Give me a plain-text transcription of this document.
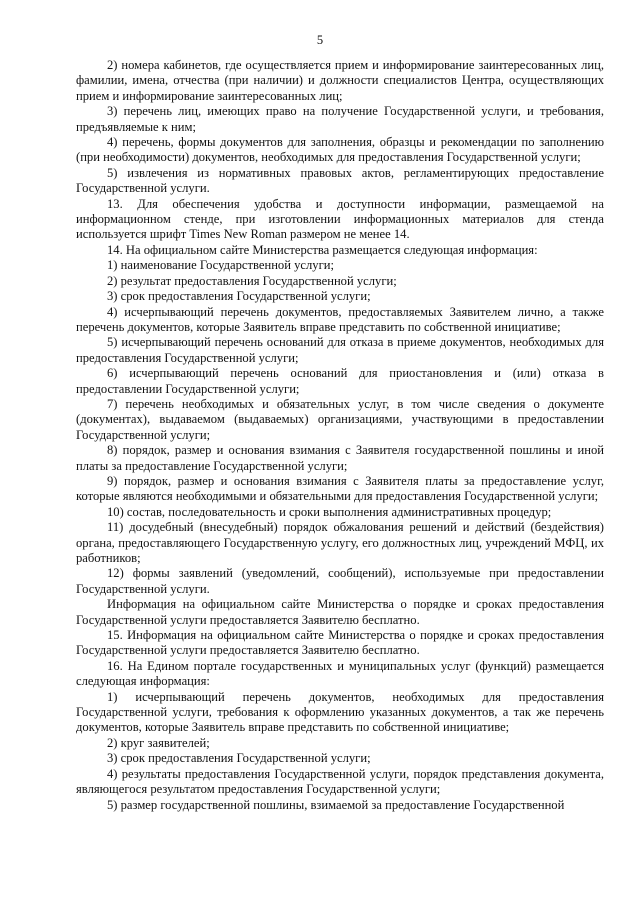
5

2) номера кабинетов, где осуществляется прием и информирование заинтересованных лиц, фамилии, имена, отчества (при наличии) и должности специалистов Центра, осуществляющих прием и информирование заинтересованных лиц;

3) перечень лиц, имеющих право на получение Государственной услуги, и требования, предъявляемые к ним;

4) перечень, формы документов для заполнения, образцы и рекомендации по заполнению (при необходимости) документов, необходимых для предоставления Государственной услуги;

5) извлечения из нормативных правовых актов, регламентирующих предоставление Государственной услуги.

13. Для обеспечения удобства и доступности информации, размещаемой на информационном стенде, при изготовлении информационных материалов для стенда используется шрифт Times New Roman размером не менее 14.

14. На официальном сайте Министерства размещается следующая информация:

1) наименование Государственной услуги;

2) результат предоставления Государственной услуги;

3) срок предоставления Государственной услуги;

4) исчерпывающий перечень документов, предоставляемых Заявителем лично, а также перечень документов, которые Заявитель вправе представить по собственной инициативе;

5) исчерпывающий перечень оснований для отказа в приеме документов, необходимых для предоставления Государственной услуги;

6) исчерпывающий перечень оснований для приостановления и (или) отказа в предоставлении Государственной услуги;

7) перечень необходимых и обязательных услуг, в том числе сведения о документе (документах), выдаваемом (выдаваемых) организациями, участвующими в предоставлении Государственной услуги;

8) порядок, размер и основания взимания с Заявителя государственной пошлины и иной платы за предоставление Государственной услуги;

9) порядок, размер и основания взимания с Заявителя платы за предоставление услуг, которые являются необходимыми и обязательными для предоставления Государственной услуги;

10) состав, последовательность и сроки выполнения административных процедур;

11) досудебный (внесудебный) порядок обжалования решений и действий (бездействия) органа, предоставляющего Государственную услугу, его должностных лиц, учреждений МФЦ, их работников;

12) формы заявлений (уведомлений, сообщений), используемые при предоставлении Государственной услуги.

Информация на официальном сайте Министерства о порядке и сроках предоставления Государственной услуги предоставляется Заявителю бесплатно.

15. Информация на официальном сайте Министерства о порядке и сроках предоставления Государственной услуги предоставляется Заявителю бесплатно.

16. На Едином портале государственных и муниципальных услуг (функций) размещается следующая информация:

1) исчерпывающий перечень документов, необходимых для предоставления Государственной услуги, требования к оформлению указанных документов, а так же перечень документов, которые Заявитель вправе представить по собственной инициативе;

2) круг заявителей;

3) срок предоставления Государственной услуги;

4) результаты предоставления Государственной услуги, порядок представления документа, являющегося результатом предоставления Государственной услуги;

5) размер государственной пошлины, взимаемой за предоставление Государственной
